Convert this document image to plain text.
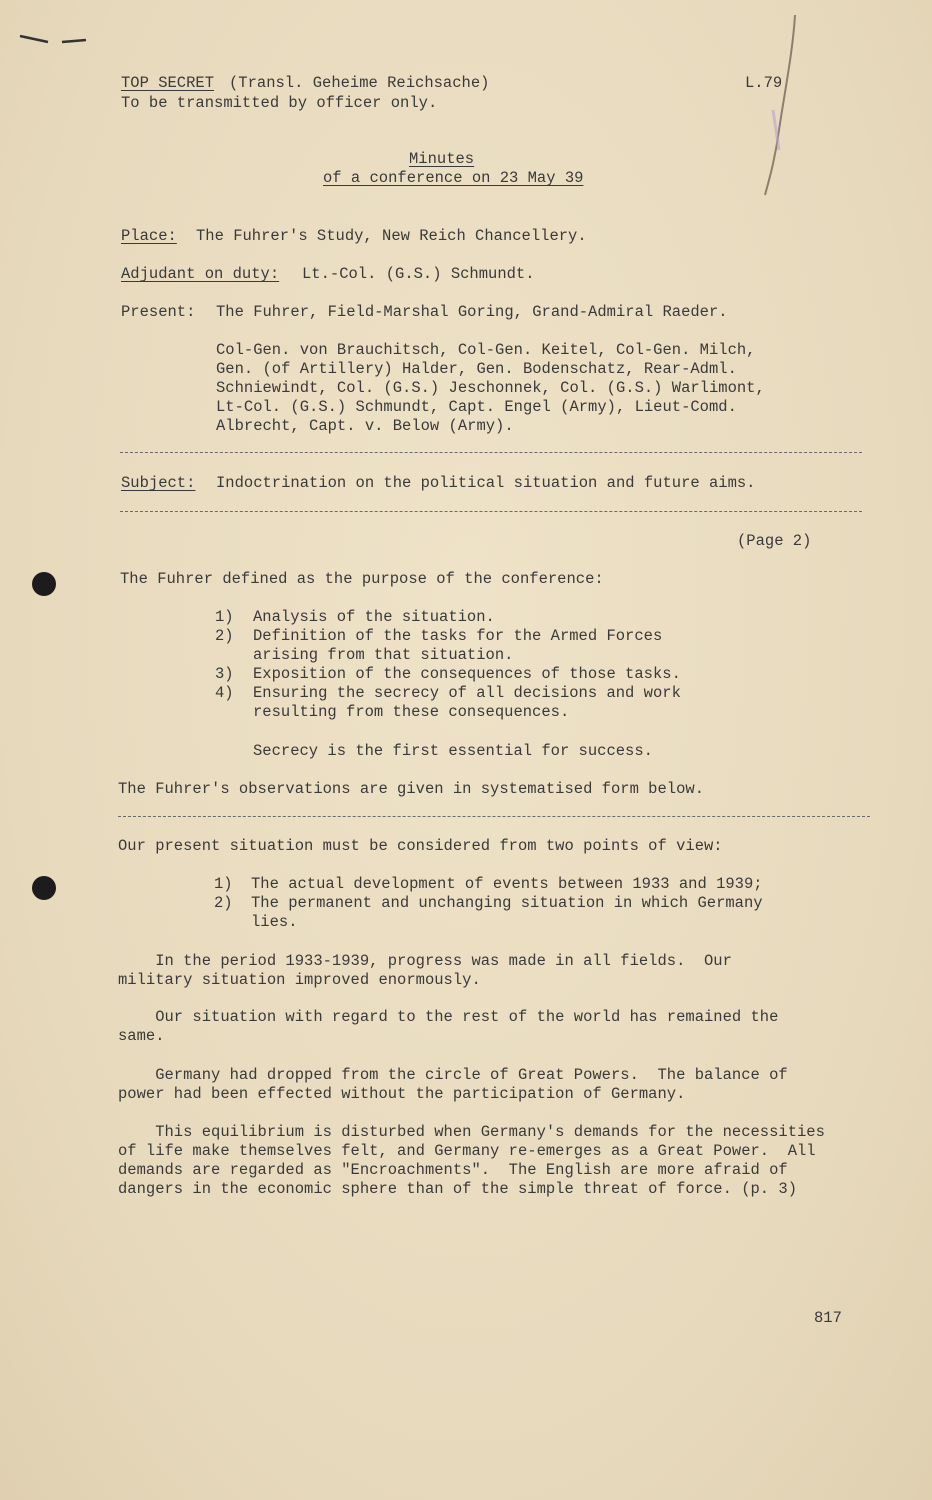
TOP SECRET (Transl. Geheime Reichsache)
To be transmitted by officer only.
L.79
Minutes
of a conference on 23 May 39
Place: The Fuhrer's Study, New Reich Chancellery.
Adjudant on duty: Lt.-Col. (G.S.) Schmundt.
Present: The Fuhrer, Field-Marshal Goring, Grand-Admiral Raeder.
Col-Gen. von Brauchitsch, Col-Gen. Keitel, Col-Gen. Milch,
Gen. (of Artillery) Halder, Gen. Bodenschatz, Rear-Adml.
Schniewindt, Col. (G.S.) Jeschonnek, Col. (G.S.) Warlimont,
Lt-Col. (G.S.) Schmundt, Capt. Engel (Army), Lieut-Comd.
Albrecht, Capt. v. Below (Army).
Subject: Indoctrination on the political situation and future aims.
(Page 2)
The Fuhrer defined as the purpose of the conference:
1) Analysis of the situation.
2) Definition of the tasks for the Armed Forces
arising from that situation.
3) Exposition of the consequences of those tasks.
4) Ensuring the secrecy of all decisions and work
resulting from these consequences.
Secrecy is the first essential for success.
The Fuhrer's observations are given in systematised form below.
Our present situation must be considered from two points of view:
1) The actual development of events between 1933 and 1939;
2) The permanent and unchanging situation in which Germany
lies.
In the period 1933-1939, progress was made in all fields.  Our
military situation improved enormously.
Our situation with regard to the rest of the world has remained the
same.
Germany had dropped from the circle of Great Powers.  The balance of
power had been effected without the participation of Germany.
This equilibrium is disturbed when Germany's demands for the necessities
of life make themselves felt, and Germany re-emerges as a Great Power.  All
demands are regarded as "Encroachments".  The English are more afraid of
dangers in the economic sphere than of the simple threat of force. (p. 3)
817
